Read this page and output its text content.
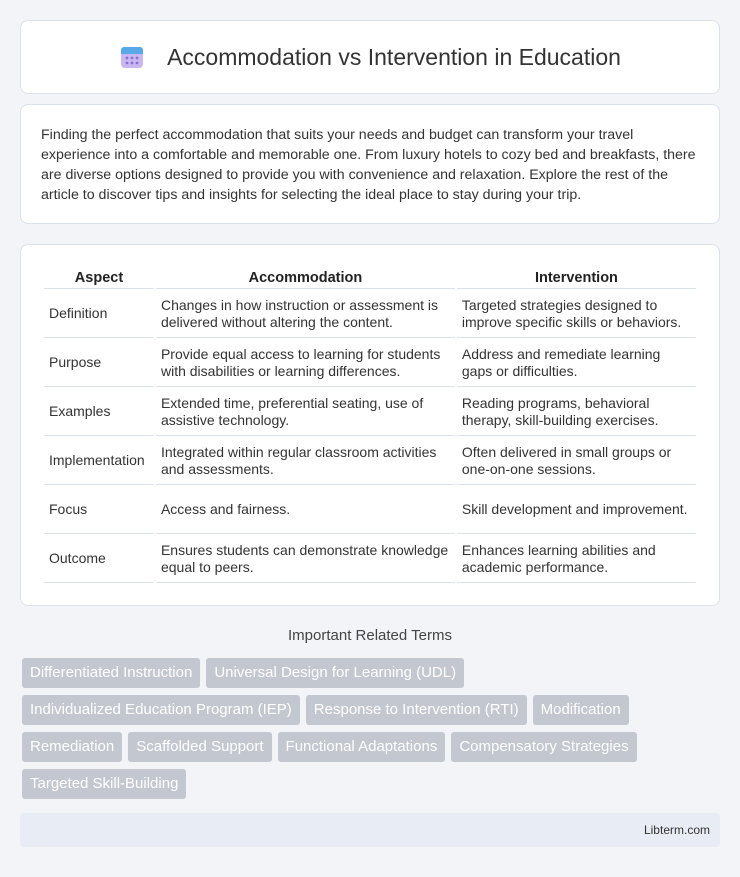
Accommodation vs Intervention in Education

Finding the perfect accommodation that suits your needs and budget can transform your travel experience into a comfortable and memorable one. From luxury hotels to cozy bed and breakfasts, there are diverse options designed to provide you with convenience and relaxation. Explore the rest of the article to discover tips and insights for selecting the ideal place to stay during your trip.

Aspect	Accommodation	Intervention
Definition	Changes in how instruction or assessment is delivered without altering the content.	Targeted strategies designed to improve specific skills or behaviors.
Purpose	Provide equal access to learning for students with disabilities or learning differences.	Address and remediate learning gaps or difficulties.
Examples	Extended time, preferential seating, use of assistive technology.	Reading programs, behavioral therapy, skill-building exercises.
Implementation	Integrated within regular classroom activities and assessments.	Often delivered in small groups or one-on-one sessions.
Focus	Access and fairness.	Skill development and improvement.
Outcome	Ensures students can demonstrate knowledge equal to peers.	Enhances learning abilities and academic performance.
Important Related Terms
Differentiated Instruction	Universal Design for Learning (UDL)
Individualized Education Program (IEP)	Response to Intervention (RTI)	Modification
Remediation	Scaffolded Support	Functional Adaptations	Compensatory Strategies
Targeted Skill-Building
Libterm.com
